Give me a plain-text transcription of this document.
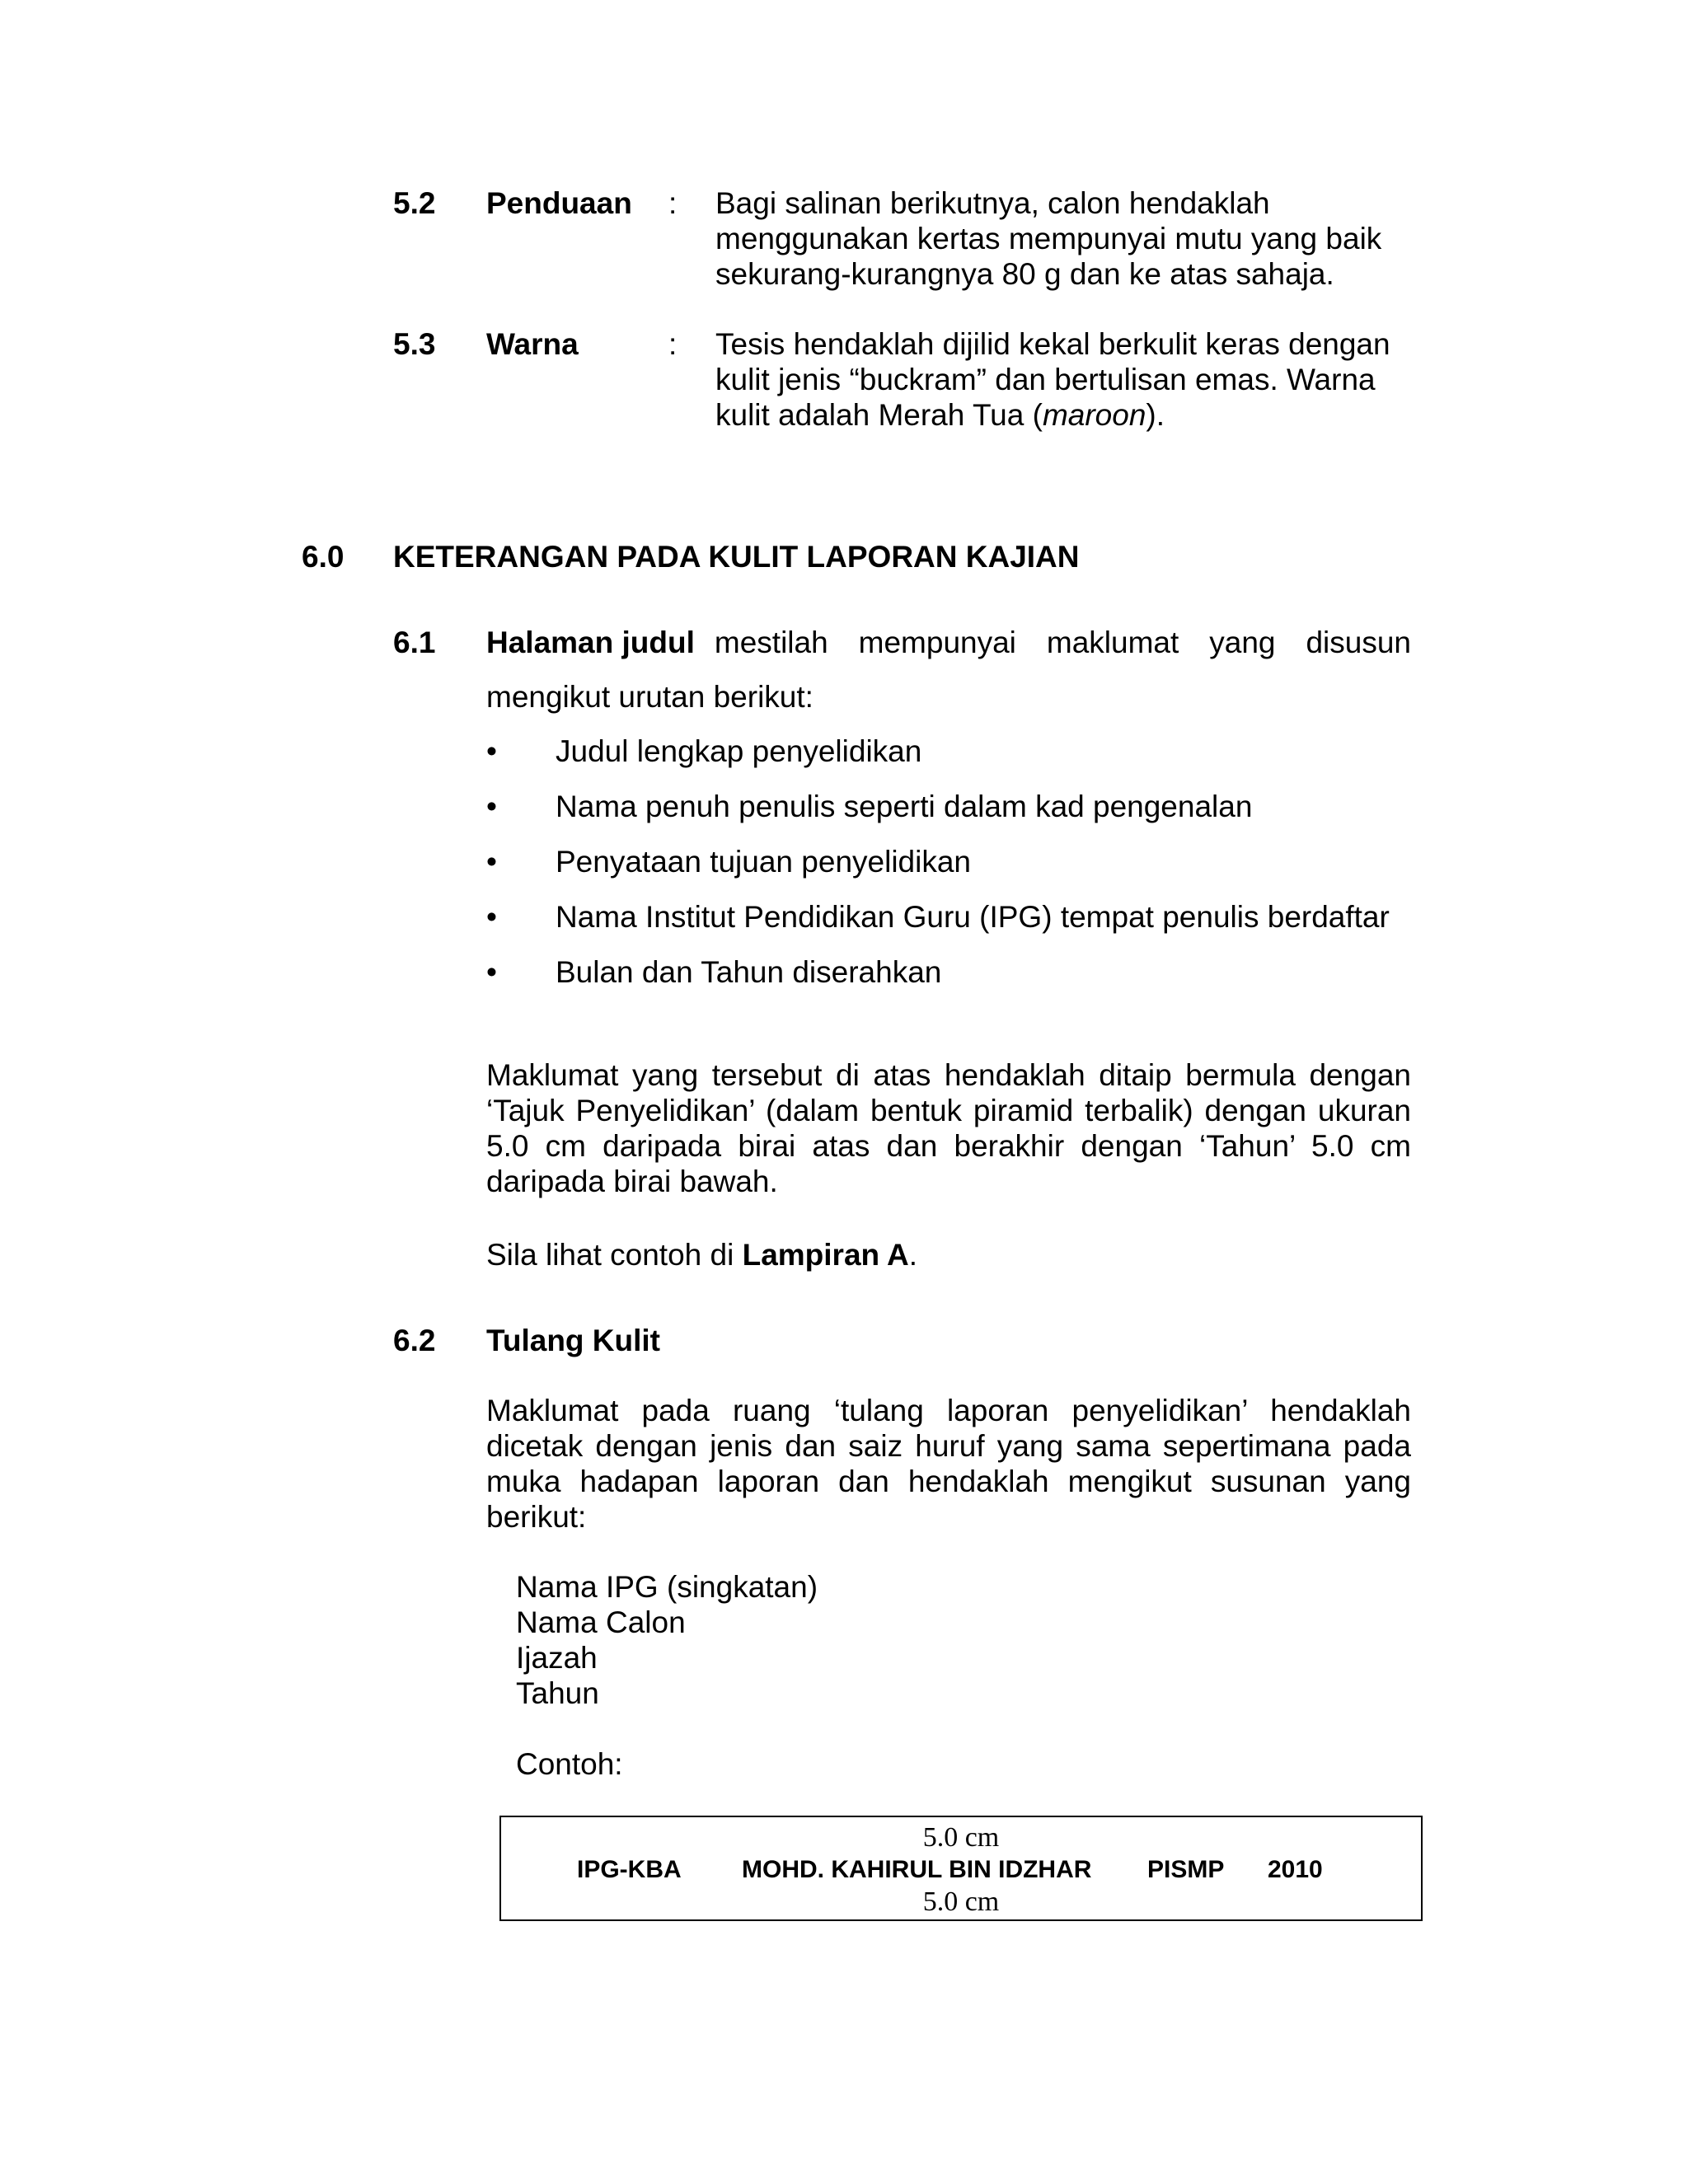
5.2 Penduaan : Bagi salinan berikutnya, calon hendaklah
menggunakan kertas mempunyai mutu yang baik
sekurang-kurangnya 80 g dan ke atas sahaja.
5.3 Warna	: Tesis hendaklah dijilid kekal berkulit keras dengan
kulit jenis “buckram” dan bertulisan emas. Warna
kulit adalah Merah Tua (maroon).
6.0 KETERANGAN PADA KULIT LAPORAN KAJIAN
6.1 Halaman judul mestilah mempunyai maklumat yang disusun
mengikut urutan berikut:
•	Judul lengkap penyelidikan
•	Nama penuh penulis seperti dalam kad pengenalan
•	Penyataan tujuan penyelidikan
•	Nama Institut Pendidikan Guru (IPG) tempat penulis berdaftar
•	Bulan dan Tahun diserahkan

Maklumat yang tersebut di atas hendaklah ditaip bermula dengan ‘Tajuk Penyelidikan’ (dalam bentuk piramid terbalik) dengan ukuran 5.0 cm daripada birai atas dan berakhir dengan ‘Tahun’ 5.0 cm daripada birai bawah.

Sila lihat contoh di Lampiran A.
6.2 Tulang Kulit

Maklumat pada ruang ‘tulang laporan penyelidikan’ hendaklah dicetak dengan jenis dan saiz huruf yang sama sepertimana pada muka hadapan laporan dan hendaklah mengikut susunan yang berikut:

Nama IPG (singkatan)
Nama Calon
Ijazah
Tahun
Contoh:
5.0 cm
IPG-KBA MOHD. KAHIRUL BIN IDZHAR PISMP 2010
5.0 cm
